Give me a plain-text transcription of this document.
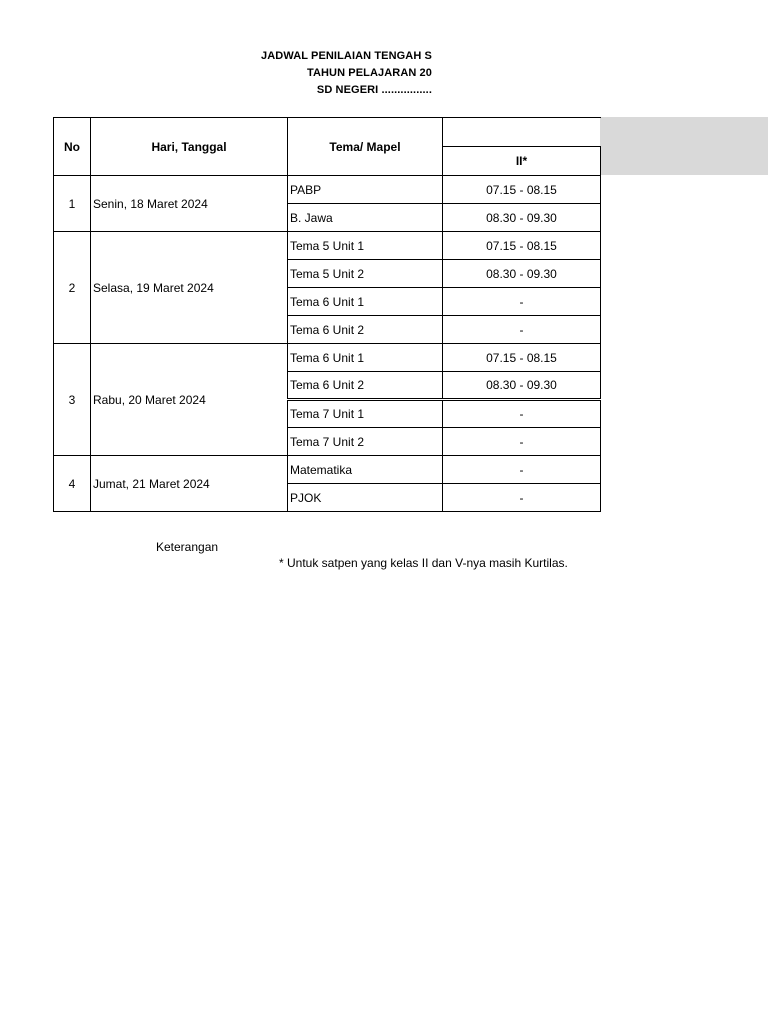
JADWAL PENILAIAN TENGAH S
TAHUN PELAJARAN 20
SD NEGERI ................
No	Hari, Tanggal	Tema/ Mapel	
			II*
1	Senin, 18 Maret 2024	PABP	07.15 - 08.15
		B. Jawa	08.30 - 09.30
2	Selasa, 19 Maret 2024	Tema 5 Unit 1	07.15 - 08.15
		Tema 5 Unit 2	08.30 - 09.30
		Tema 6 Unit 1	-
		Tema 6 Unit 2	-
3	Rabu, 20 Maret 2024	Tema 6 Unit 1	07.15 - 08.15
		Tema 6 Unit 2	08.30 - 09.30
		Tema 7 Unit 1	-
		Tema 7 Unit 2	-
4	Jumat, 21 Maret 2024	Matematika	-
		PJOK	-
Keterangan
* Untuk satpen yang kelas II dan V-nya masih Kurtilas.
